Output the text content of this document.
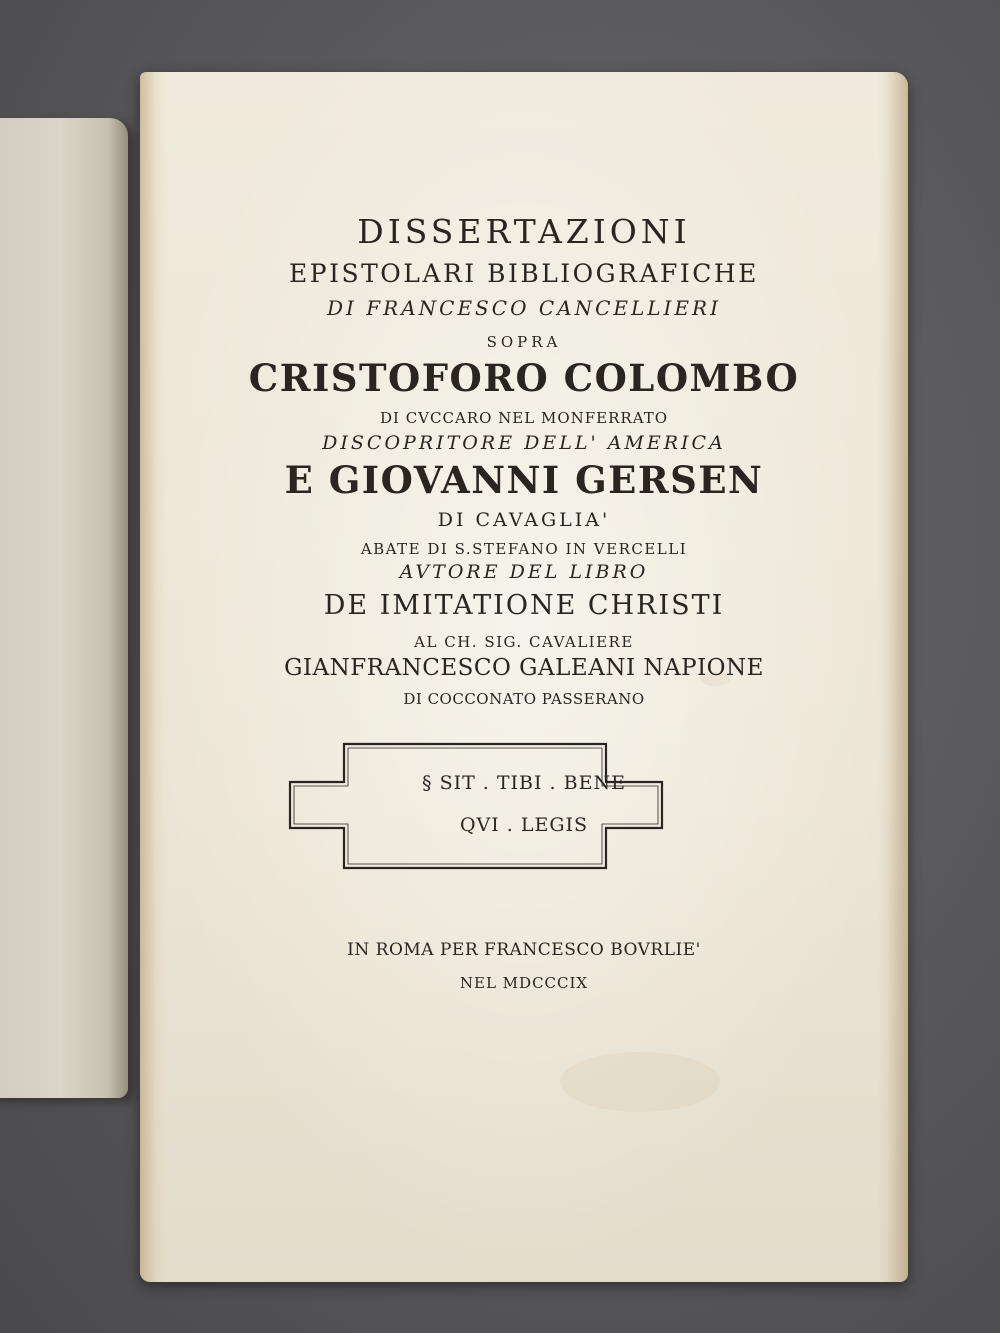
DISSERTAZIONI
EPISTOLARI BIBLIOGRAFICHE
DI FRANCESCO CANCELLIERI
SOPRA
CRISTOFORO COLOMBO
DI CVCCARO NEL MONFERRATO
DISCOPRITORE DELL' AMERICA
E GIOVANNI GERSEN
DI CAVAGLIA'
ABATE DI S.STEFANO IN VERCELLI
AVTORE DEL LIBRO
DE IMITATIONE CHRISTI
AL CH. SIG. CAVALIERE
GIANFRANCESCO GALEANI NAPIONE
DI COCCONATO PASSERANO
§ SIT . TIBI . BENE
QVI . LEGIS
IN ROMA PER FRANCESCO BOVRLIE'
NEL MDCCCIX
